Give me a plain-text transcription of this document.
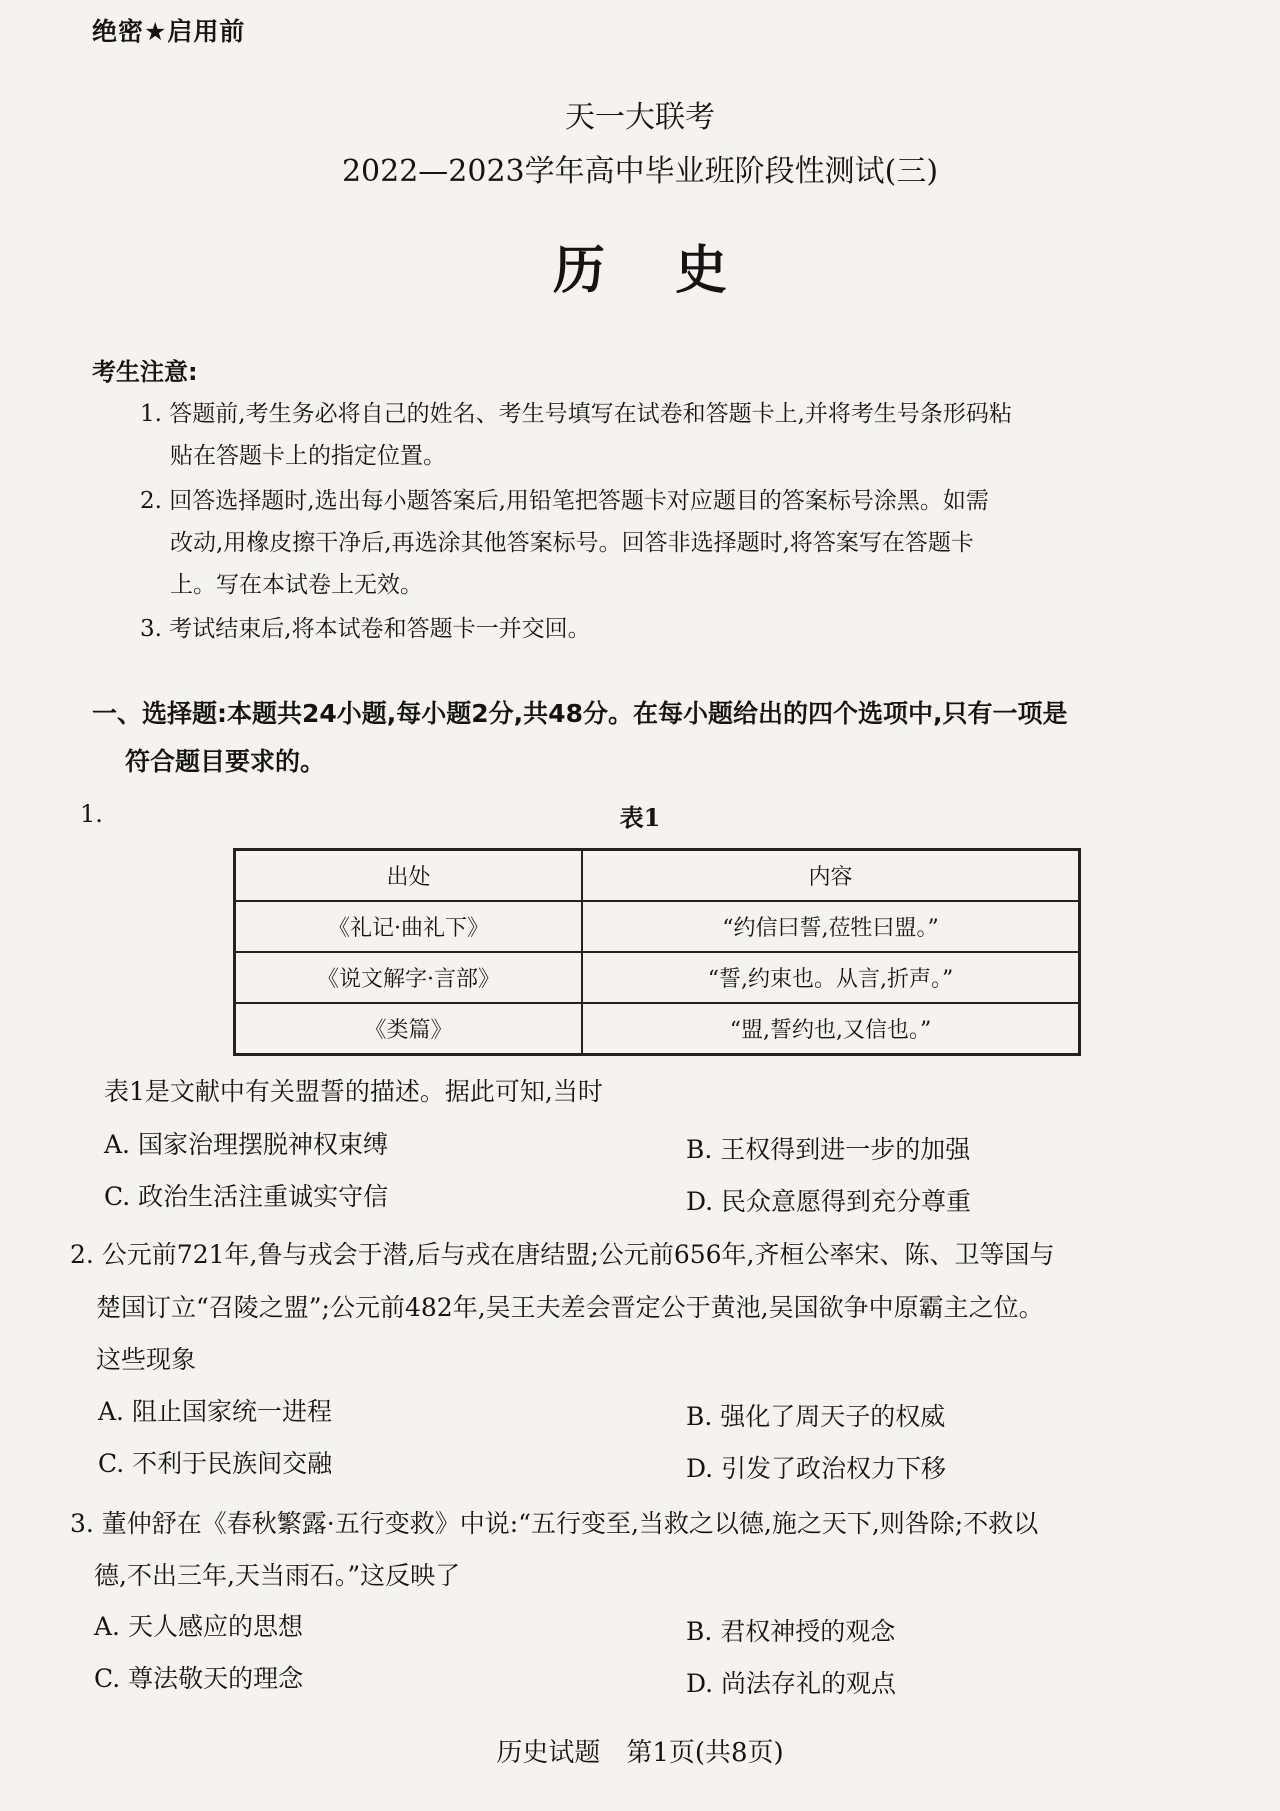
绝密★启用前
天一大联考
2022—2023学年高中毕业班阶段性测试(三)
历史
考生注意:
1. 答题前,考生务必将自己的姓名、考生号填写在试卷和答题卡上,并将考生号条形码粘
贴在答题卡上的指定位置。
2. 回答选择题时,选出每小题答案后,用铅笔把答题卡对应题目的答案标号涂黑。如需
改动,用橡皮擦干净后,再选涂其他答案标号。回答非选择题时,将答案写在答题卡
上。写在本试卷上无效。
3. 考试结束后,将本试卷和答题卡一并交回。
一、选择题:本题共24小题,每小题2分,共48分。在每小题给出的四个选项中,只有一项是
符合题目要求的。
1.	表1
出处	内容
《礼记·曲礼下》	“约信曰誓,莅牲曰盟。”
《说文解字·言部》	“誓,约束也。从言,折声。”
《类篇》	“盟,誓约也,又信也。”
表1是文献中有关盟誓的描述。据此可知,当时
A. 国家治理摆脱神权束缚	B. 王权得到进一步的加强
C. 政治生活注重诚实守信	D. 民众意愿得到充分尊重
2. 公元前721年,鲁与戎会于潜,后与戎在唐结盟;公元前656年,齐桓公率宋、陈、卫等国与
楚国订立“召陵之盟”;公元前482年,吴王夫差会晋定公于黄池,吴国欲争中原霸主之位。
这些现象
A. 阻止国家统一进程	B. 强化了周天子的权威
C. 不利于民族间交融	D. 引发了政治权力下移
3. 董仲舒在《春秋繁露·五行变救》中说:“五行变至,当救之以德,施之天下,则咎除;不救以
德,不出三年,天当雨石。”这反映了
A. 天人感应的思想	B. 君权神授的观念
C. 尊法敬天的理念	D. 尚法存礼的观点
历史试题　第1页(共8页)
